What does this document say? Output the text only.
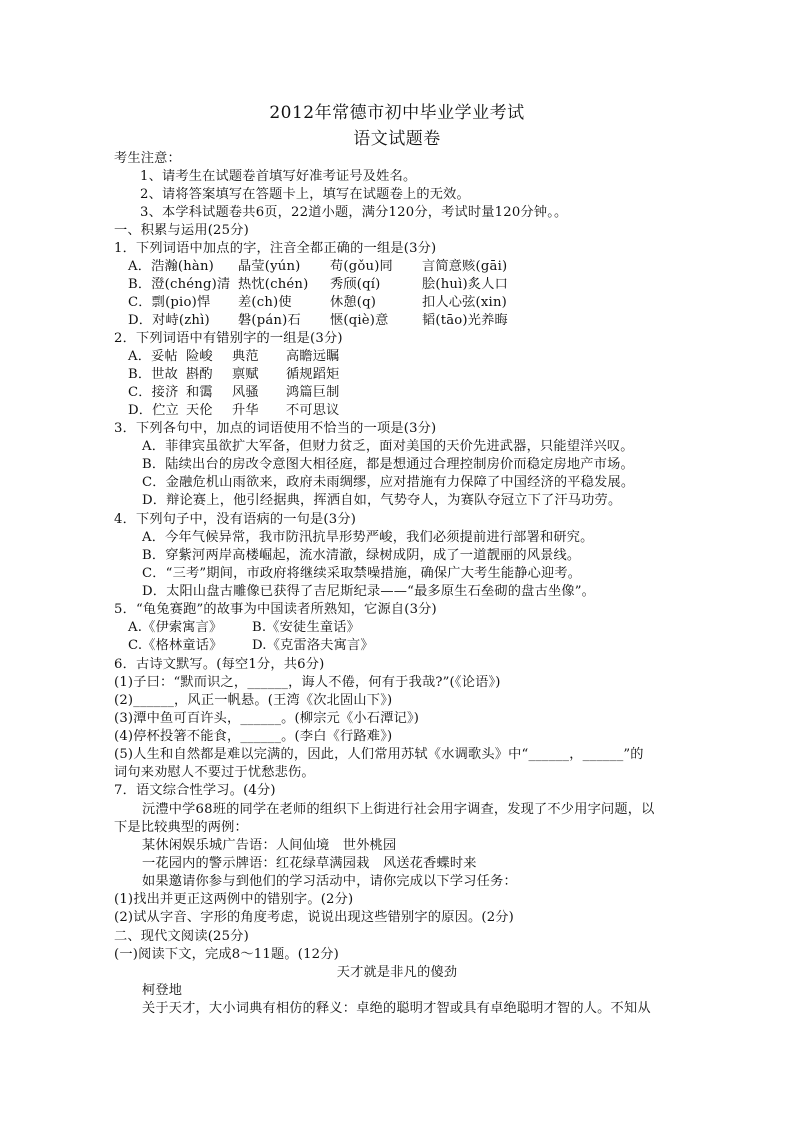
2012年常德市初中毕业学业考试
语文试题卷
考生注意：
1、请考生在试题卷首填写好准考证号及姓名。
2、请将答案填写在答题卡上，填写在试题卷上的无效。
3、本学科试题卷共6页，22道小题，满分120分，考试时量120分钟。。
一、积累与运用(25分)
1．下列词语中加点的字，注音全都正确的一组是(3分)
A．浩瀚(hàn) 晶莹(yún) 苟(gǒu)同 言简意赅(gāi)
B．澄(chéng)清 热忱(chén) 秀颀(qí)	脍(huì)炙人口
C．剽(pio)悍 差(ch)使	休憩(q)	扣人心弦(xin)
D．对峙(zhì) 磐(pán)石 惬(qiè)意	韬(tāo)光养晦
2．下列词语中有错别字的一组是(3分)
A．妥帖 险峻 典范 高瞻远瞩
B．世故 斟酌 禀赋 循规蹈矩
C．接济 和霭 风骚 鸿篇巨制
D．伫立 天伦 升华 不可思议
3．下列各句中，加点的词语使用不恰当的一项是(3分)
A．菲律宾虽欲扩大军备，但财力贫乏，面对美国的天价先进武器，只能望洋兴叹。
B．陆续出台的房改令意图大相径庭，都是想通过合理控制房价而稳定房地产市场。
C．金融危机山雨欲来，政府未雨绸缪，应对措施有力保障了中国经济的平稳发展。
D．辩论赛上，他引经据典，挥洒自如，气势夺人，为赛队夺冠立下了汗马功劳。
4．下列句子中，没有语病的一句是(3分)
A．今年气候异常，我市防汛抗旱形势严峻，我们必须提前进行部署和研究。
B．穿紫河两岸高楼崛起，流水清澈，绿树成阴，成了一道靓丽的风景线。
C．“三考”期间，市政府将继续采取禁噪措施，确保广大考生能静心迎考。
D．太阳山盘古雕像已获得了吉尼斯纪录——“最多原生石垒砌的盘古坐像”。
5．“龟兔赛跑”的故事为中国读者所熟知，它源自(3分)
A.《伊索寓言》 B.《安徒生童话》
C.《格林童话》 D.《克雷洛夫寓言》
6．古诗文默写。(每空1分，共6分)
(1)子曰：“默而识之，______，诲人不倦，何有于我哉?”(《论语》)
(2)______，风正一帆悬。(王湾《次北固山下》)
(3)潭中鱼可百许头，______。(柳宗元《小石潭记》)
(4)停杯投箸不能食，______。(李白《行路难》)
(5)人生和自然都是难以完满的，因此，人们常用苏轼《水调歌头》中“______，______”的
词句来劝慰人不要过于忧愁悲伤。
7．语文综合性学习。(4分)
沅澧中学68班的同学在老师的组织下上街进行社会用字调查，发现了不少用字问题，以
下是比较典型的两例：
某休闲娱乐城广告语：人间仙境　世外桃园
一花园内的警示牌语：红花绿草满园栽　风送花香蝶时来
如果邀请你参与到他们的学习活动中，请你完成以下学习任务：
(1)找出并更正这两例中的错别字。(2分)
(2)试从字音、字形的角度考虑，说说出现这些错别字的原因。(2分)
二、现代文阅读(25分)
(一)阅读下文，完成8～11题。(12分)
天才就是非凡的傻劲
柯登地
关于天才，大小词典有相仿的释义：卓绝的聪明才智或具有卓绝聪明才智的人。不知从
